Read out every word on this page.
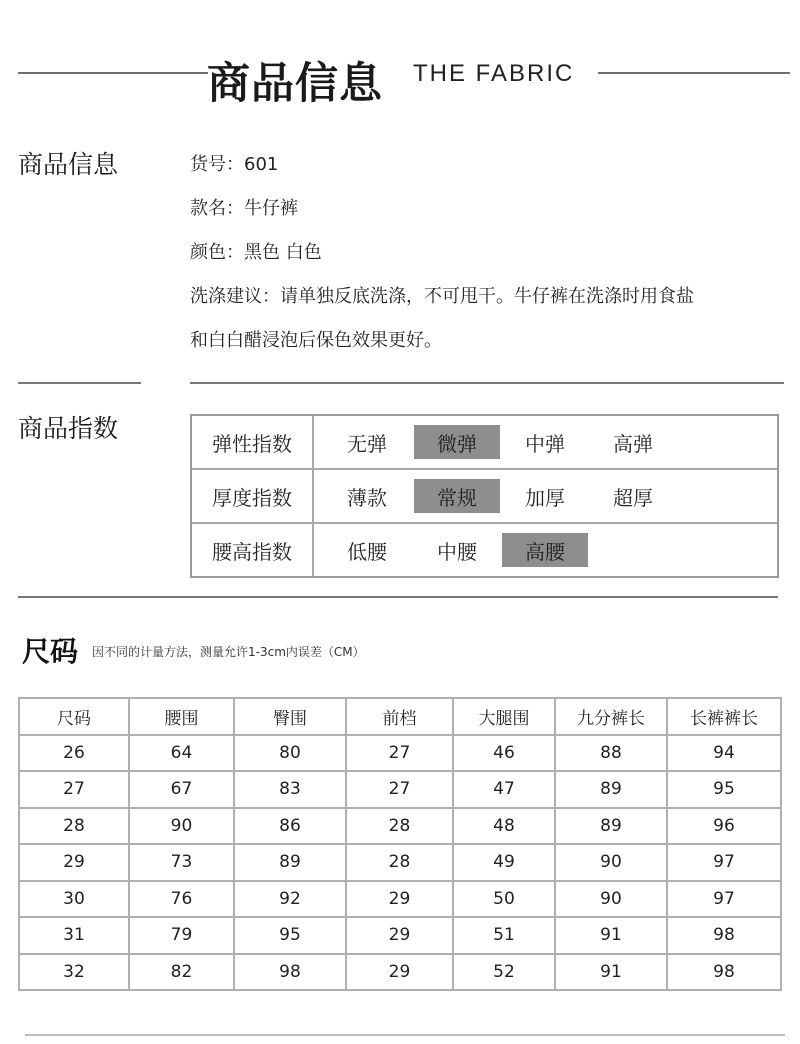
商品信息 THE FABRIC
商品信息	货号：601
款名：牛仔裤
颜色：黑色 白色
洗涤建议：请单独反底洗涤，不可甩干。牛仔裤在洗涤时用食盐
和白白醋浸泡后保色效果更好。
商品指数
弹性指数	无弹	微弹	中弹	高弹
厚度指数	薄款	常规	加厚	超厚
腰高指数	低腰	中腰	高腰
尺码 因不同的计量方法，测量允许1-3cm内误差（CM）
尺码	腰围	臀围	前档	大腿围	九分裤长	长裤裤长
26	64	80	27	46	88	94
27	67	83	27	47	89	95
28	90	86	28	48	89	96
29	73	89	28	49	90	97
30	76	92	29	50	90	97
31	79	95	29	51	91	98
32	82	98	29	52	91	98
